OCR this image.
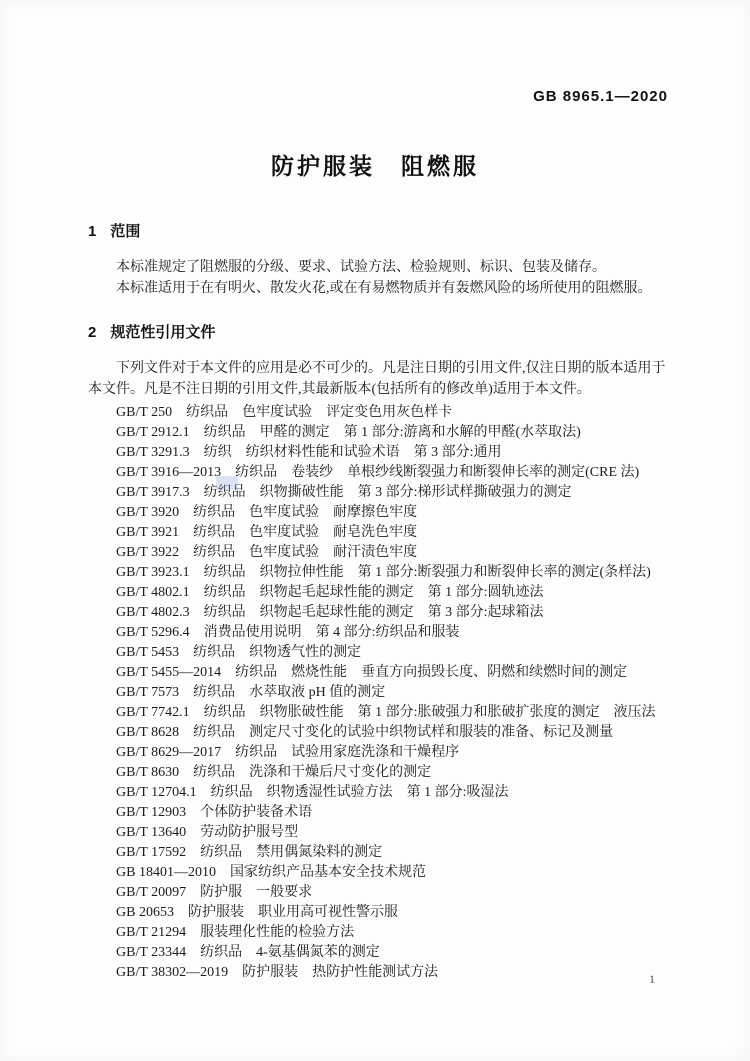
GB 8965.1—2020
防护服装　阻燃服
1 范围

本标准规定了阻燃服的分级、要求、试验方法、检验规则、标识、包装及储存。

本标准适用于在有明火、散发火花,或在有易燃物质并有轰燃风险的场所使用的阻燃服。

2 规范性引用文件

下列文件对于本文件的应用是必不可少的。凡是注日期的引用文件,仅注日期的版本适用于本文件。凡是不注日期的引用文件,其最新版本(包括所有的修改单)适用于本文件。

GB/T 250　纺织品　色牢度试验　评定变色用灰色样卡
GB/T 2912.1　纺织品　甲醛的测定　第 1 部分:游离和水解的甲醛(水萃取法)
GB/T 3291.3　纺织　纺织材料性能和试验术语　第 3 部分:通用
GB/T 3916—2013　纺织品　卷装纱　单根纱线断裂强力和断裂伸长率的测定(CRE 法)
GB/T 3917.3　纺织品　织物撕破性能　第 3 部分:梯形试样撕破强力的测定
GB/T 3920　纺织品　色牢度试验　耐摩擦色牢度
GB/T 3921　纺织品　色牢度试验　耐皂洗色牢度
GB/T 3922　纺织品　色牢度试验　耐汗渍色牢度
GB/T 3923.1　纺织品　织物拉伸性能　第 1 部分:断裂强力和断裂伸长率的测定(条样法)
GB/T 4802.1　纺织品　织物起毛起球性能的测定　第 1 部分:圆轨迹法
GB/T 4802.3　纺织品　织物起毛起球性能的测定　第 3 部分:起球箱法
GB/T 5296.4　消费品使用说明　第 4 部分:纺织品和服装
GB/T 5453　纺织品　织物透气性的测定
GB/T 5455—2014　纺织品　燃烧性能　垂直方向损毁长度、阴燃和续燃时间的测定
GB/T 7573　纺织品　水萃取液 pH 值的测定
GB/T 7742.1　纺织品　织物胀破性能　第 1 部分:胀破强力和胀破扩张度的测定　液压法
GB/T 8628　纺织品　测定尺寸变化的试验中织物试样和服装的准备、标记及测量
GB/T 8629—2017　纺织品　试验用家庭洗涤和干燥程序
GB/T 8630　纺织品　洗涤和干燥后尺寸变化的测定
GB/T 12704.1　纺织品　织物透湿性试验方法　第 1 部分:吸湿法
GB/T 12903　个体防护装备术语
GB/T 13640　劳动防护服号型
GB/T 17592　纺织品　禁用偶氮染料的测定
GB 18401—2010　国家纺织产品基本安全技术规范
GB/T 20097　防护服　一般要求
GB 20653　防护服装　职业用高可视性警示服
GB/T 21294　服装理化性能的检验方法
GB/T 23344　纺织品　4-氨基偶氮苯的测定
GB/T 38302—2019　防护服装　热防护性能测试方法	1
